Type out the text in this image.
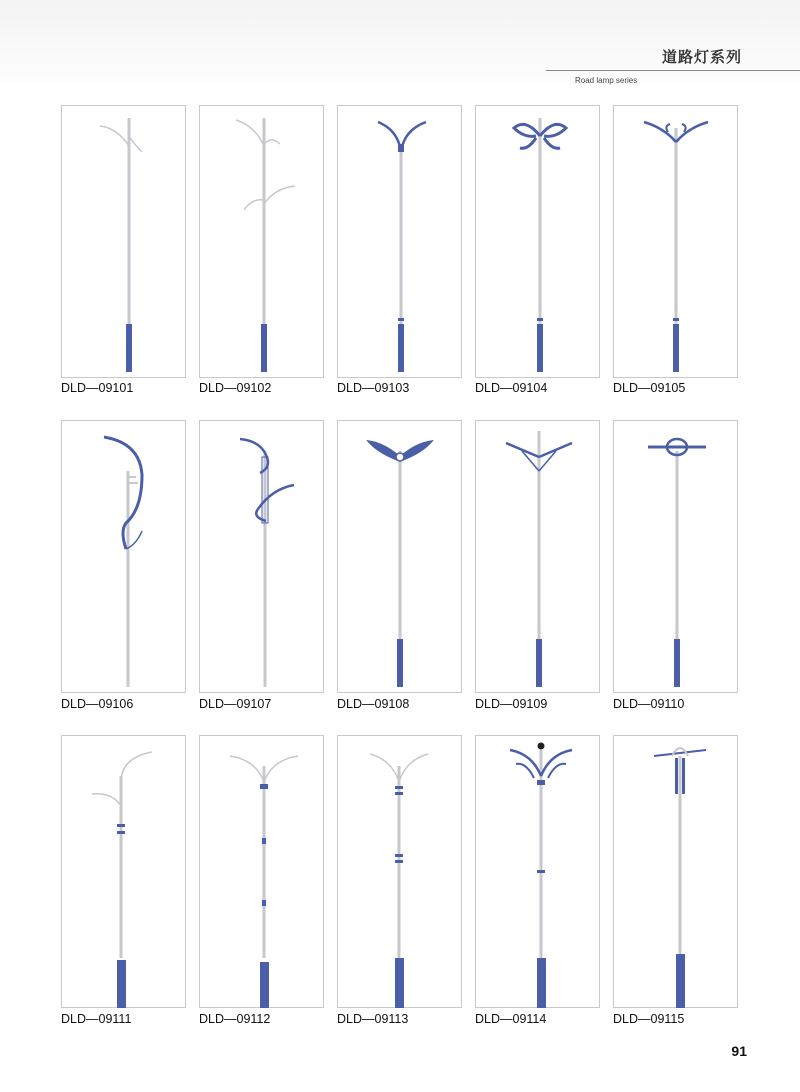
道路灯系列
Road lamp series
DLD—09101	DLD—09102	DLD—09103	DLD—09104	DLD—09105
DLD—09106	DLD—09107	DLD—09108	DLD—09109	DLD—09110
DLD—09111	DLD—09112	DLD—09113	DLD—09114	DLD—09115
91
